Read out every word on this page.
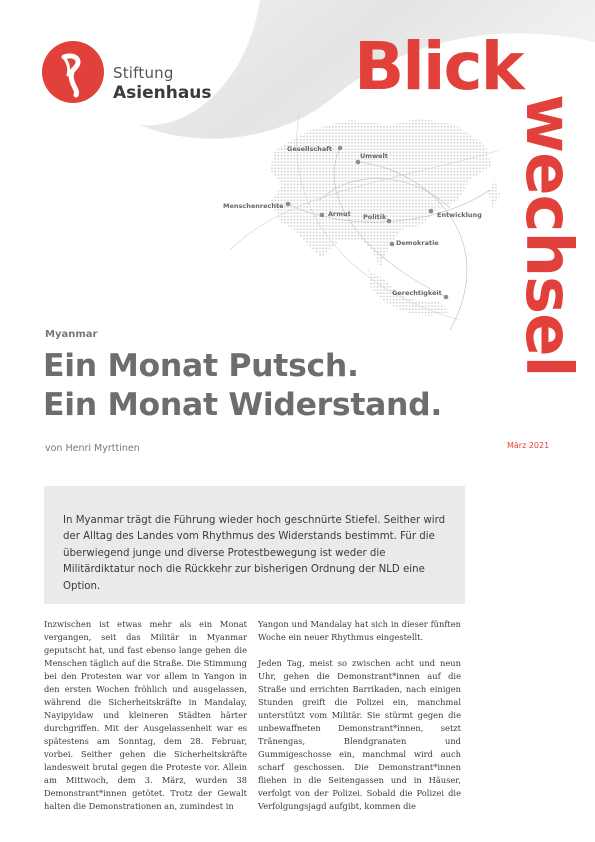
Stiftung
Asienhaus Blick
wechsel
März 2021
Gesellschaft
Umwelt
Menschenrechte
Armut Politik	Entwicklung
Demokratie
Gerechtigkeit
Myanmar
Ein Monat Putsch.
Ein Monat Widerstand.
von Henri Myrttinen
In Myanmar trägt die Führung wieder hoch geschnürte Stiefel. Seither wird der Alltag des Landes vom Rhythmus des Widerstands bestimmt. Für die überwiegend junge und diverse Protestbewegung ist weder die Militärdiktatur noch die Rückkehr zur bisherigen Ordnung der NLD eine Option.

Inzwischen ist etwas mehr als ein Monat vergangen, seit das Militär in Myanmar geputscht hat, und fast ebenso lange gehen die Menschen täglich auf die Straße. Die Stimmung bei den Protesten war vor allem in Yangon in den ersten Wochen fröhlich und ausgelassen, während die Sicherheitskräfte in Mandalay, Nayipyidaw und kleineren Städten härter durchgriffen. Mit der Ausgelassenheit war es spätestens am Sonntag, dem 28. Februar, vorbei. Seither gehen die Sicherheitskräfte landesweit brutal gegen die Proteste vor. Allein am Mittwoch, dem 3. März, wurden 38 Demonstrant*innen getötet. Trotz der Gewalt halten die Demonstrationen an, zumindest in

Yangon und Mandalay hat sich in dieser fünften Woche ein neuer Rhythmus eingestellt.

Jeden Tag, meist so zwischen acht und neun Uhr, gehen die Demonstrant*innen auf die Straße und errichten Barrikaden, nach einigen Stunden greift die Polizei ein, manchmal unterstützt vom Militär. Sie stürmt gegen die unbewaffneten Demonstrant*innen, setzt Tränengas, Blendgranaten und Gummigeschosse ein, manchmal wird auch scharf geschossen. Die Demonstrant*innen fliehen in die Seitengassen und in Häuser, verfolgt von der Polizei. Sobald die Polizei die Verfolgungsjagd aufgibt, kommen die
